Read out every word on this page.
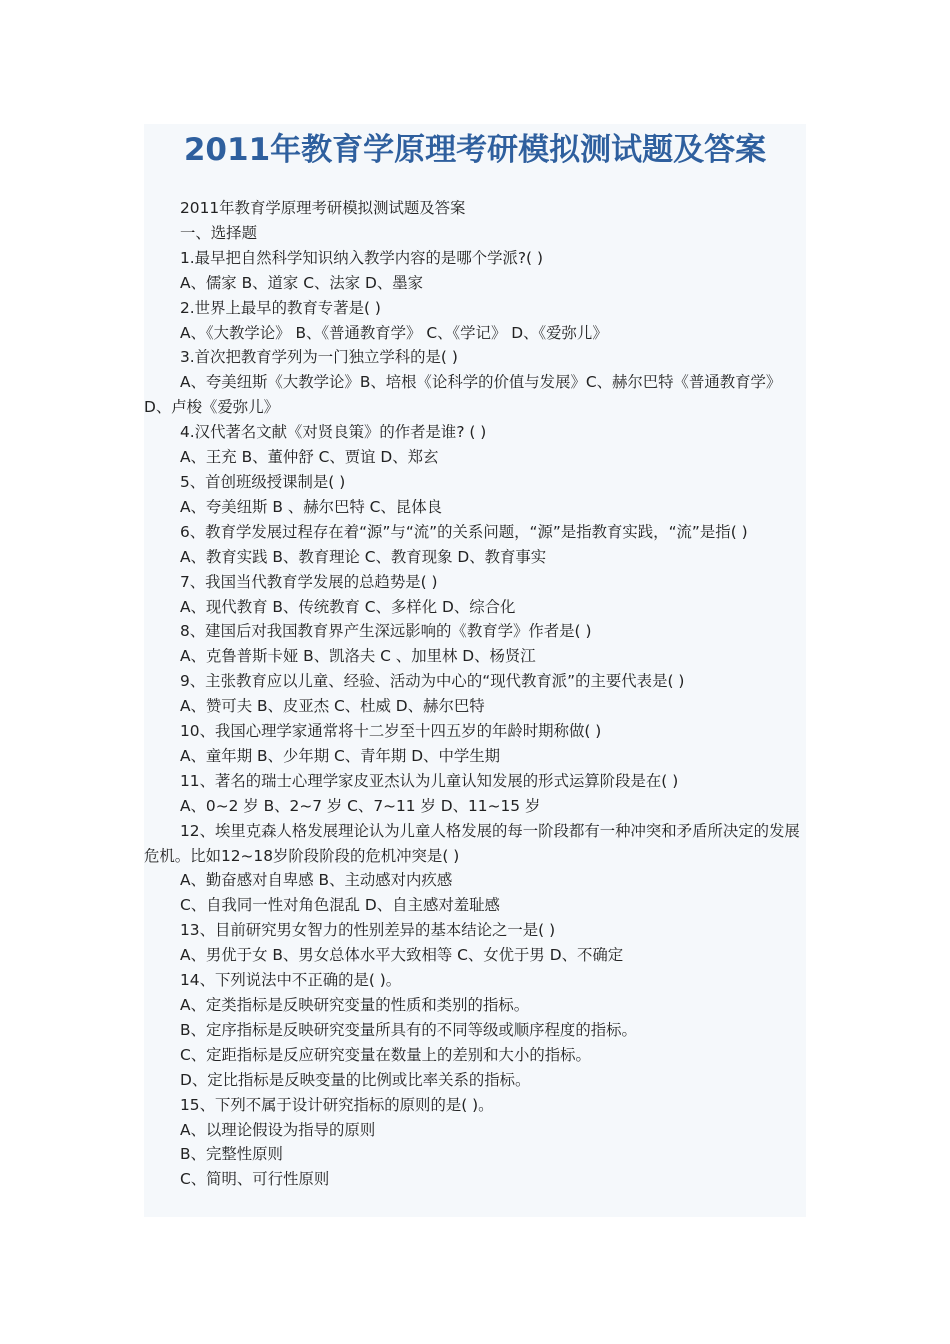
2011年教育学原理考研模拟测试题及答案

2011年教育学原理考研模拟测试题及答案

一、选择题

1.最早把自然科学知识纳入教学内容的是哪个学派?( )

A、儒家 B、道家 C、法家 D、墨家

2.世界上最早的教育专著是( )

A、《大教学论》 B、《普通教育学》 C、《学记》 D、《爱弥儿》

3.首次把教育学列为一门独立学科的是( )

A、夸美纽斯《大教学论》B、培根《论科学的价值与发展》C、赫尔巴特《普通教育学》 D、卢梭《爱弥儿》

4.汉代著名文献《对贤良策》的作者是谁? ( )

A、王充 B、董仲舒 C、贾谊 D、郑玄

5、首创班级授课制是( )

A、夸美纽斯 B 、赫尔巴特 C、昆体良

6、教育学发展过程存在着“源”与“流”的关系问题，“源”是指教育实践，“流”是指( )

A、教育实践 B、教育理论 C、教育现象 D、教育事实

7、我国当代教育学发展的总趋势是( )

A、现代教育 B、传统教育 C、多样化 D、综合化

8、建国后对我国教育界产生深远影响的《教育学》作者是( )

A、克鲁普斯卡娅 B、凯洛夫 C 、加里林 D、杨贤江

9、主张教育应以儿童、经验、活动为中心的“现代教育派”的主要代表是( )

A、赞可夫 B、皮亚杰 C、杜威 D、赫尔巴特

10、我国心理学家通常将十二岁至十四五岁的年龄时期称做( )

A、童年期 B、少年期 C、青年期 D、中学生期

11、著名的瑞士心理学家皮亚杰认为儿童认知发展的形式运算阶段是在( )

A、0~2 岁 B、2~7 岁 C、7~11 岁 D、11~15 岁

12、埃里克森人格发展理论认为儿童人格发展的每一阶段都有一种冲突和矛盾所决定的发展危机。比如12~18岁阶段阶段的危机冲突是( )

A、勤奋感对自卑感 B、主动感对内疚感

C、自我同一性对角色混乱 D、自主感对羞耻感

13、目前研究男女智力的性别差异的基本结论之一是( )

A、男优于女 B、男女总体水平大致相等 C、女优于男 D、不确定

14、下列说法中不正确的是( )。

A、定类指标是反映研究变量的性质和类别的指标。

B、定序指标是反映研究变量所具有的不同等级或顺序程度的指标。

C、定距指标是反应研究变量在数量上的差别和大小的指标。

D、定比指标是反映变量的比例或比率关系的指标。

15、下列不属于设计研究指标的原则的是( )。

A、以理论假设为指导的原则

B、完整性原则

C、简明、可行性原则
